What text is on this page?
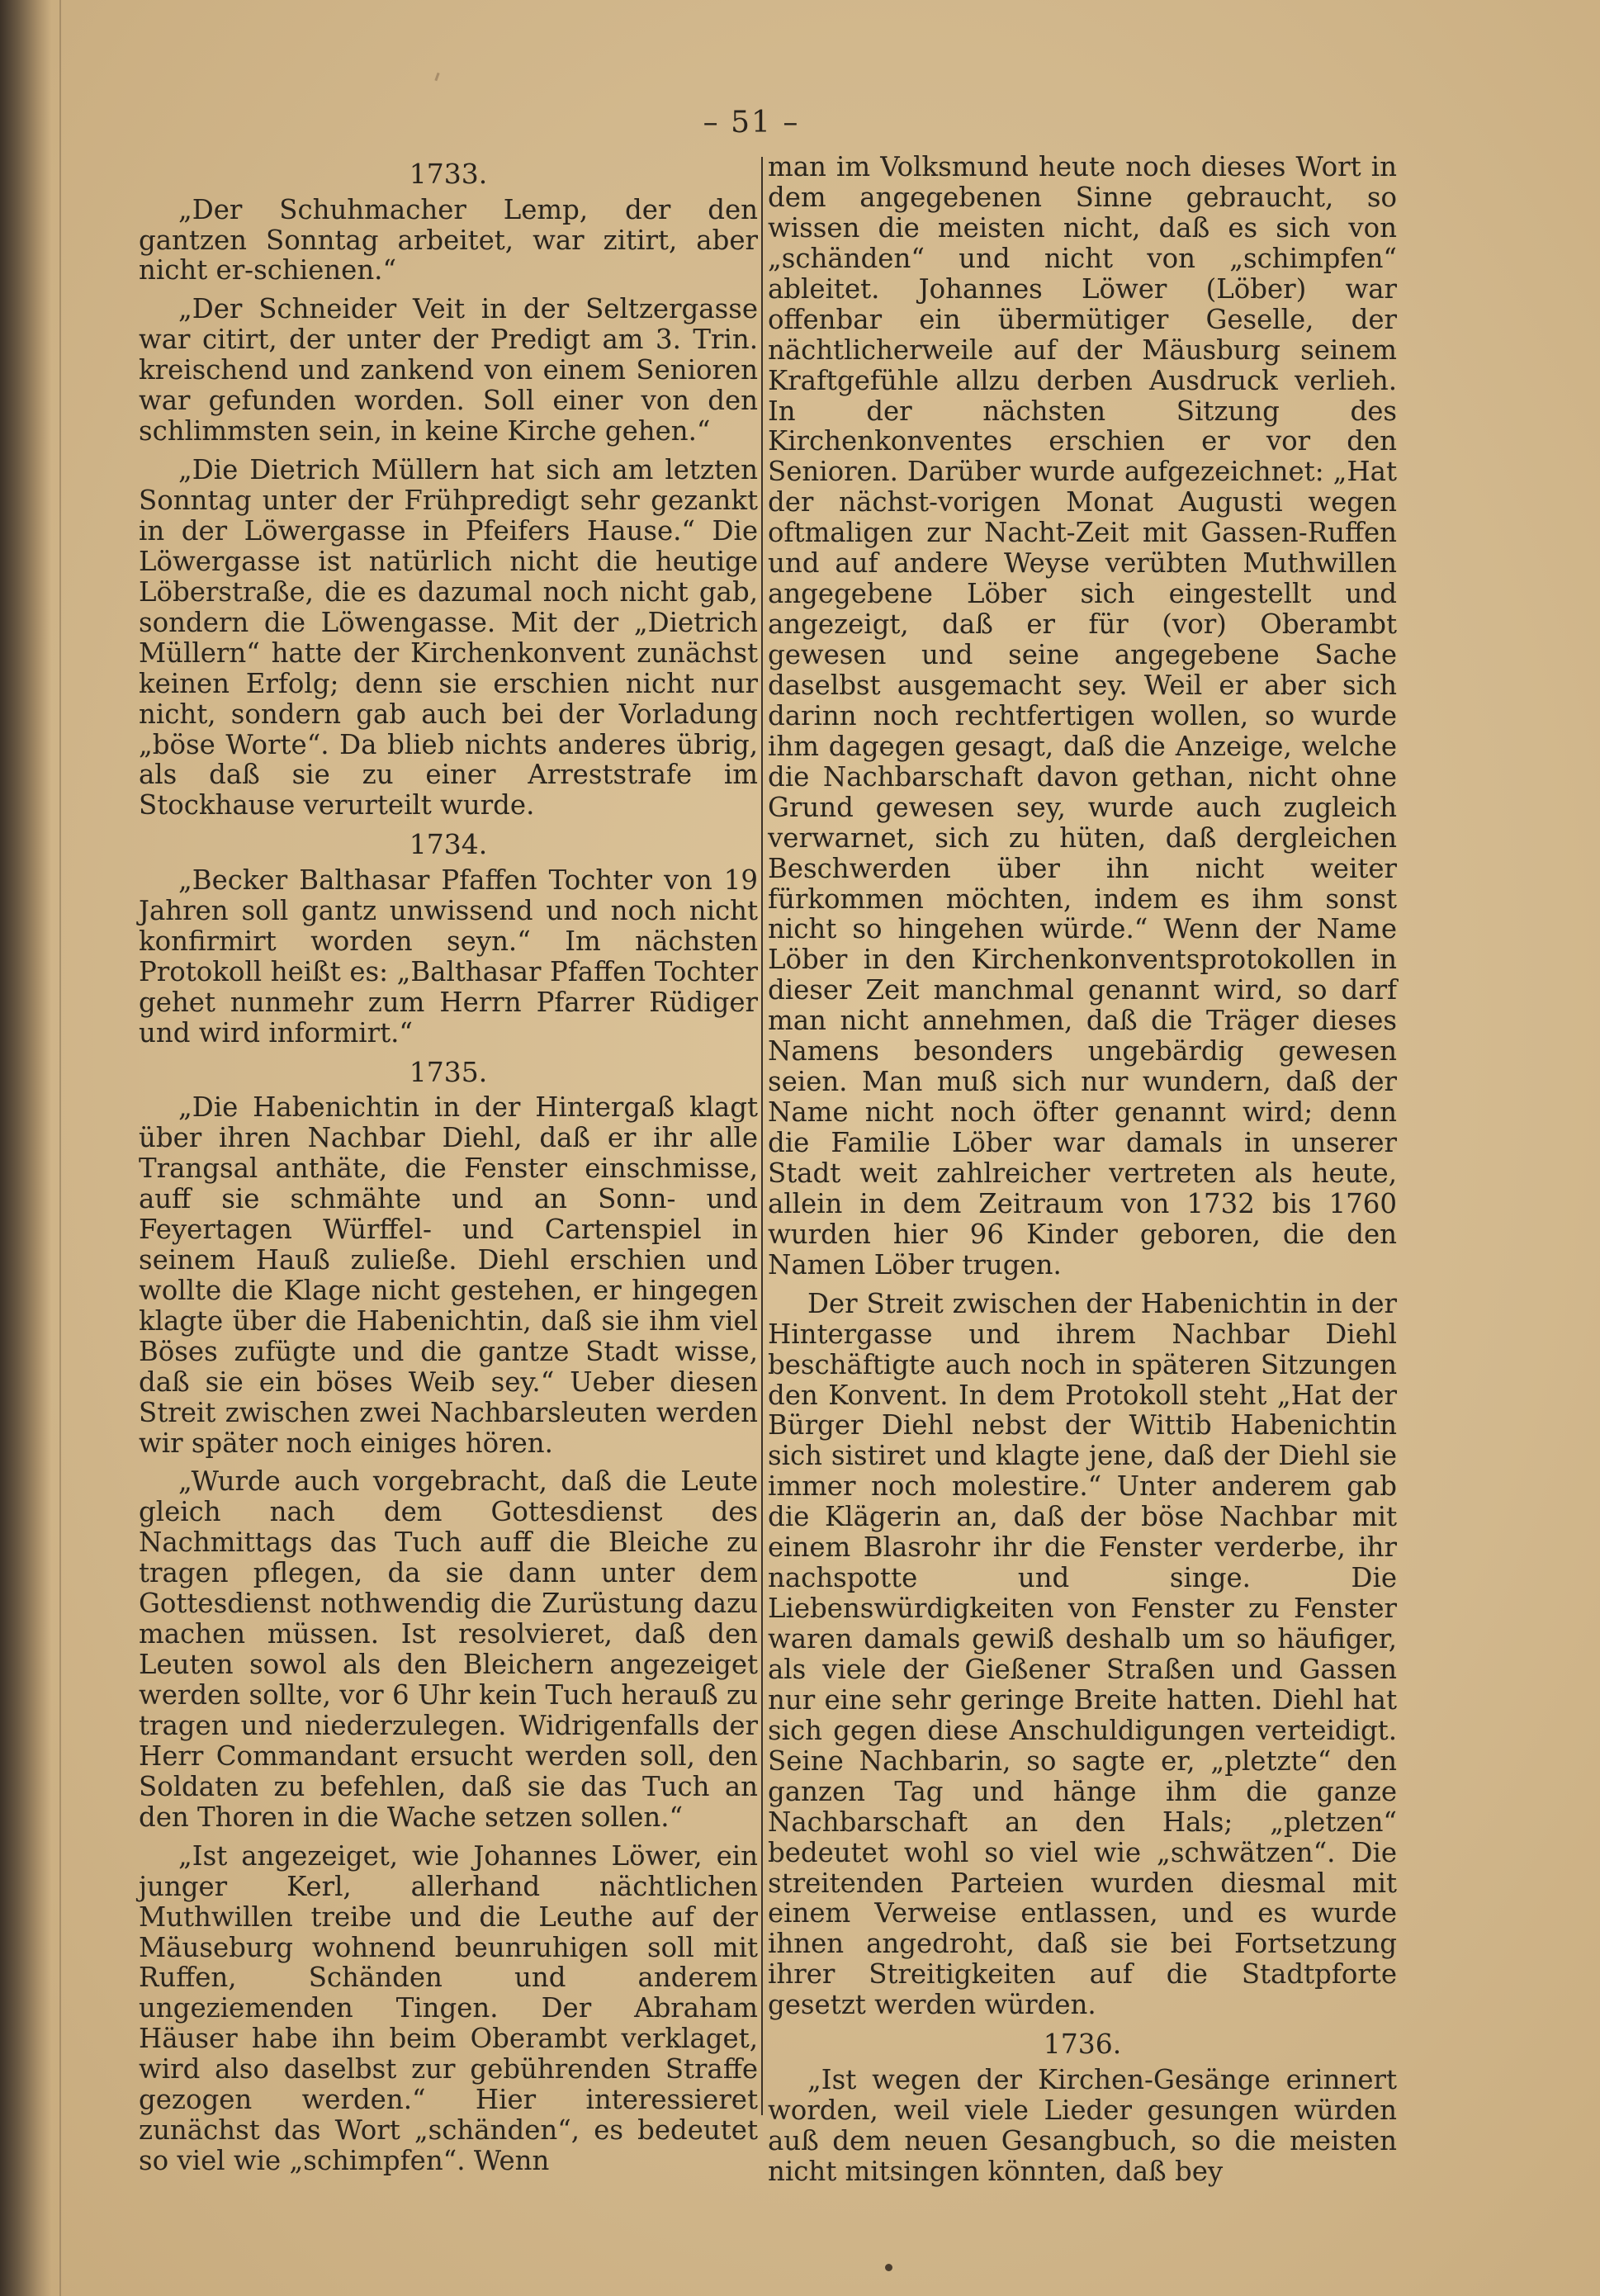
– 51 –
1733.

„Der Schuhmacher Lemp, der den gantzen Sonntag arbeitet, war zitirt, aber nicht er-schienen.“

„Der Schneider Veit in der Seltzergasse war citirt, der unter der Predigt am 3. Trin. kreischend und zankend von einem Senioren war gefunden worden. Soll einer von den schlimmsten sein, in keine Kirche gehen.“

„Die Dietrich Müllern hat sich am letzten Sonntag unter der Frühpredigt sehr gezankt in der Löwergasse in Pfeifers Hause.“ Die Löwergasse ist natürlich nicht die heutige Löberstraße, die es dazumal noch nicht gab, sondern die Löwengasse. Mit der „Dietrich Müllern“ hatte der Kirchenkonvent zunächst keinen Erfolg; denn sie erschien nicht nur nicht, sondern gab auch bei der Vorladung „böse Worte“. Da blieb nichts anderes übrig, als daß sie zu einer Arreststrafe im Stockhause verurteilt wurde.

1734.

„Becker Balthasar Pfaffen Tochter von 19 Jahren soll gantz unwissend und noch nicht konfirmirt worden seyn.“ Im nächsten Protokoll heißt es: „Balthasar Pfaffen Tochter gehet nunmehr zum Herrn Pfarrer Rüdiger und wird informirt.“

1735.

„Die Habenichtin in der Hintergaß klagt über ihren Nachbar Diehl, daß er ihr alle Trangsal anthäte, die Fenster einschmisse, auff sie schmähte und an Sonn- und Feyertagen Würffel- und Cartenspiel in seinem Hauß zuließe. Diehl erschien und wollte die Klage nicht gestehen, er hingegen klagte über die Habenichtin, daß sie ihm viel Böses zufügte und die gantze Stadt wisse, daß sie ein böses Weib sey.“ Ueber diesen Streit zwischen zwei Nachbarsleuten werden wir später noch einiges hören.

„Wurde auch vorgebracht, daß die Leute gleich nach dem Gottesdienst des Nachmittags das Tuch auff die Bleiche zu tragen pflegen, da sie dann unter dem Gottesdienst nothwendig die Zurüstung dazu machen müssen. Ist resolvieret, daß den Leuten sowol als den Bleichern angezeiget werden sollte, vor 6 Uhr kein Tuch herauß zu tragen und niederzulegen. Widrigenfalls der Herr Commandant ersucht werden soll, den Soldaten zu befehlen, daß sie das Tuch an den Thoren in die Wache setzen sollen.“

„Ist angezeiget, wie Johannes Löwer, ein junger Kerl, allerhand nächtlichen Muthwillen treibe und die Leuthe auf der Mäuseburg wohnend beunruhigen soll mit Ruffen, Schänden und anderem ungeziemenden Tingen. Der Abraham Häuser habe ihn beim Oberambt verklaget, wird also daselbst zur gebührenden Straffe gezogen werden.“ Hier interessieret zunächst das Wort „schänden“, es bedeutet so viel wie „schimpfen“. Wenn

man im Volksmund heute noch dieses Wort in dem angegebenen Sinne gebraucht, so wissen die meisten nicht, daß es sich von „schänden“ und nicht von „schimpfen“ ableitet. Johannes Löwer (Löber) war offenbar ein übermütiger Geselle, der nächtlicherweile auf der Mäusburg seinem Kraftgefühle allzu derben Ausdruck verlieh. In der nächsten Sitzung des Kirchenkonventes erschien er vor den Senioren. Darüber wurde aufgezeichnet: „Hat der nächst-vorigen Monat Augusti wegen oftmaligen zur Nacht-Zeit mit Gassen-Ruffen und auf andere Weyse verübten Muthwillen angegebene Löber sich eingestellt und angezeigt, daß er für (vor) Oberambt gewesen und seine angegebene Sache daselbst ausgemacht sey. Weil er aber sich darinn noch rechtfertigen wollen, so wurde ihm dagegen gesagt, daß die Anzeige, welche die Nachbarschaft davon gethan, nicht ohne Grund gewesen sey, wurde auch zugleich verwarnet, sich zu hüten, daß dergleichen Beschwerden über ihn nicht weiter fürkommen möchten, indem es ihm sonst nicht so hingehen würde.“ Wenn der Name Löber in den Kirchenkonventsprotokollen in dieser Zeit manchmal genannt wird, so darf man nicht annehmen, daß die Träger dieses Namens besonders ungebärdig gewesen seien. Man muß sich nur wundern, daß der Name nicht noch öfter genannt wird; denn die Familie Löber war damals in unserer Stadt weit zahlreicher vertreten als heute, allein in dem Zeitraum von 1732 bis 1760 wurden hier 96 Kinder geboren, die den Namen Löber trugen.

Der Streit zwischen der Habenichtin in der Hintergasse und ihrem Nachbar Diehl beschäftigte auch noch in späteren Sitzungen den Konvent. In dem Protokoll steht „Hat der Bürger Diehl nebst der Wittib Habenichtin sich sistiret und klagte jene, daß der Diehl sie immer noch molestire.“ Unter anderem gab die Klägerin an, daß der böse Nachbar mit einem Blasrohr ihr die Fenster verderbe, ihr nachspotte und singe. Die Liebenswürdigkeiten von Fenster zu Fenster waren damals gewiß deshalb um so häufiger, als viele der Gießener Straßen und Gassen nur eine sehr geringe Breite hatten. Diehl hat sich gegen diese Anschuldigungen verteidigt. Seine Nachbarin, so sagte er, „pletzte“ den ganzen Tag und hänge ihm die ganze Nachbarschaft an den Hals; „pletzen“ bedeutet wohl so viel wie „schwätzen“. Die streitenden Parteien wurden diesmal mit einem Verweise entlassen, und es wurde ihnen angedroht, daß sie bei Fortsetzung ihrer Streitigkeiten auf die Stadtpforte gesetzt werden würden.

1736.

„Ist wegen der Kirchen-Gesänge erinnert worden, weil viele Lieder gesungen würden auß dem neuen Gesangbuch, so die meisten nicht mitsingen könnten, daß bey
